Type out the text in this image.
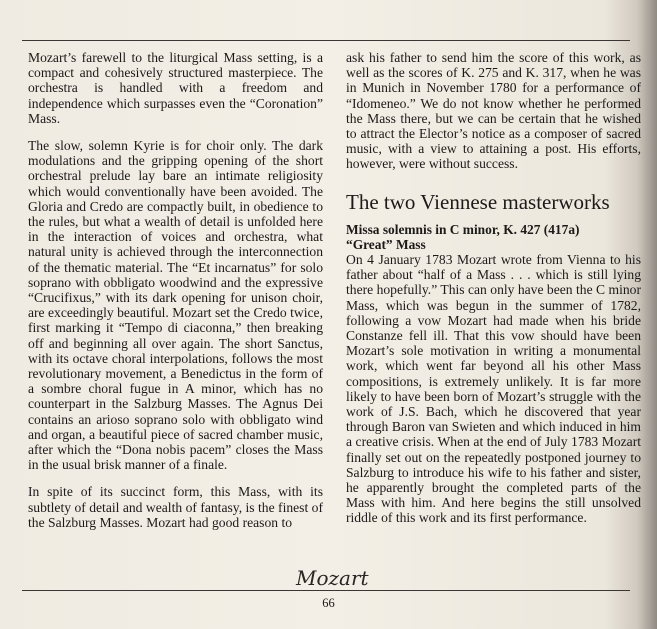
Mozart’s farewell to the liturgical Mass setting, is a compact and cohesively structured masterpiece. The orchestra is handled with a freedom and independence which surpasses even the “Coronation” Mass.

The slow, solemn Kyrie is for choir only. The dark modulations and the gripping opening of the short orchestral prelude lay bare an intimate religiosity which would conventionally have been avoided. The Gloria and Credo are compactly built, in obedience to the rules, but what a wealth of detail is unfolded here in the interaction of voices and orchestra, what natural unity is achieved through the interconnection of the thematic material. The “Et incarnatus” for solo soprano with obbligato woodwind and the expressive “Crucifixus,” with its dark opening for unison choir, are exceedingly beautiful. Mozart set the Credo twice, first marking it “Tempo di ciaconna,” then breaking off and beginning all over again. The short Sanctus, with its octave choral interpolations, follows the most revolutionary movement, a Benedictus in the form of a sombre choral fugue in A minor, which has no counterpart in the Salzburg Masses. The Agnus Dei contains an arioso soprano solo with obbligato wind and organ, a beautiful piece of sacred chamber music, after which the “Dona nobis pacem” closes the Mass in the usual brisk manner of a finale.

In spite of its succinct form, this Mass, with its subtlety of detail and wealth of fantasy, is the finest of the Salzburg Masses. Mozart had good reason to

ask his father to send him the score of this work, as well as the scores of K. 275 and K. 317, when he was in Munich in November 1780 for a performance of “Idomeneo.” We do not know whether he performed the Mass there, but we can be certain that he wished to attract the Elector’s notice as a composer of sacred music, with a view to attaining a post. His efforts, however, were without success.

The two Viennese masterworks
Missa solemnis in C minor, K. 427 (417a)
“Great” Mass

On 4 January 1783 Mozart wrote from Vienna to his father about “half of a Mass . . . which is still lying there hopefully.” This can only have been the C minor Mass, which was begun in the summer of 1782, following a vow Mozart had made when his bride Constanze fell ill. That this vow should have been Mozart’s sole motivation in writing a monumental work, which went far beyond all his other Mass compositions, is extremely unlikely. It is far more likely to have been born of Mozart’s struggle with the work of J.S. Bach, which he discovered that year through Baron van Swieten and which induced in him a creative crisis. When at the end of July 1783 Mozart finally set out on the repeatedly postponed journey to Salzburg to introduce his wife to his father and sister, he apparently brought the completed parts of the Mass with him. And here begins the still unsolved riddle of this work and its first performance.

Mozart
66
